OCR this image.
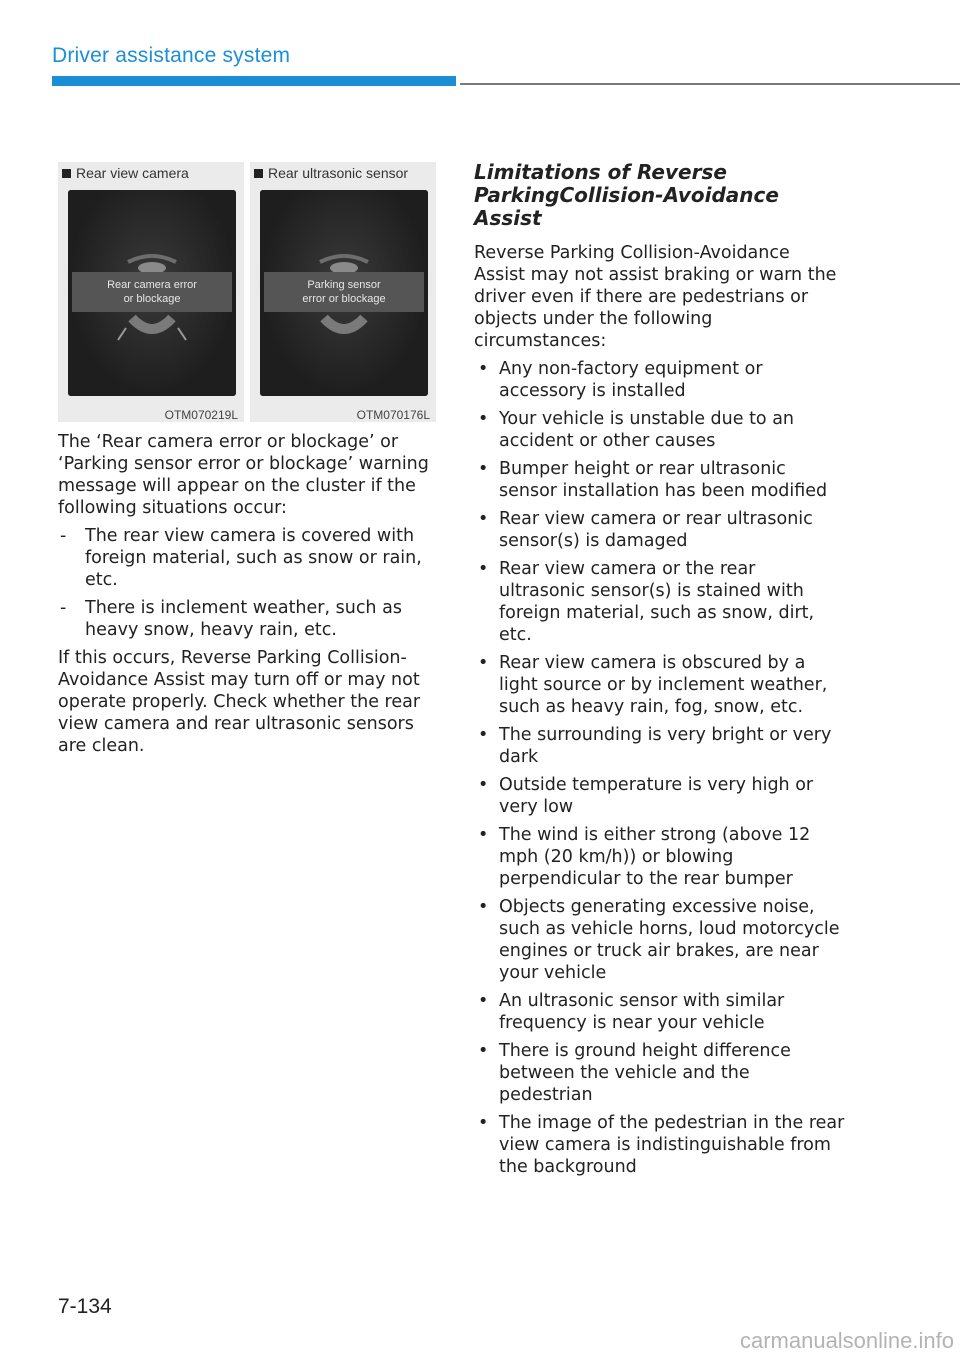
Driver assistance system
Rear view camera
Rear camera error
or blockage
OTM070219L
Rear ultrasonic sensor
Parking sensor
error or blockage
OTM070176L

The ‘Rear camera error or blockage’ or ‘Parking sensor error or blockage’ warning message will appear on the cluster if the following situations occur:

- The rear view camera is covered with foreign material, such as snow or rain, etc.
- There is inclement weather, such as heavy snow, heavy rain, etc.

If this occurs, Reverse Parking Collision-Avoidance Assist may turn off or may not operate properly. Check whether the rear view camera and rear ultrasonic sensors are clean.

Limitations of Reverse
ParkingCollision-Avoidance Assist

Reverse Parking Collision-Avoidance Assist may not assist braking or warn the driver even if there are pedestrians or objects under the following circumstances:

• Any non-factory equipment or accessory is installed
• Your vehicle is unstable due to an accident or other causes
• Bumper height or rear ultrasonic sensor installation has been modified
• Rear view camera or rear ultrasonic sensor(s) is damaged
• Rear view camera or the rear ultrasonic sensor(s) is stained with foreign material, such as snow, dirt, etc.
• Rear view camera is obscured by a light source or by inclement weather, such as heavy rain, fog, snow, etc.
• The surrounding is very bright or very dark
• Outside temperature is very high or very low
• The wind is either strong (above 12 mph (20 km/h)) or blowing perpendicular to the rear bumper
• Objects generating excessive noise, such as vehicle horns, loud motorcycle engines or truck air brakes, are near your vehicle
• An ultrasonic sensor with similar frequency is near your vehicle
• There is ground height difference between the vehicle and the pedestrian
• The image of the pedestrian in the rear view camera is indistinguishable from the background
7-134
carmanualsonline.info
